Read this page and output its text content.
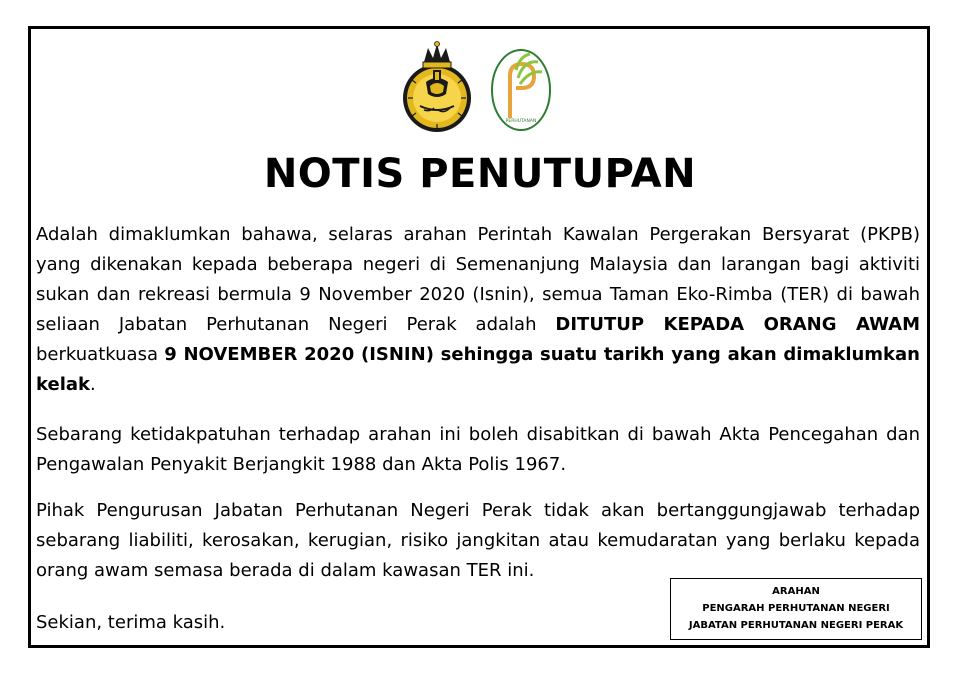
PERHUTANAN
NOTIS PENUTUPAN

Adalah dimaklumkan bahawa, selaras arahan Perintah Kawalan Pergerakan Bersyarat (PKPB) yang dikenakan kepada beberapa negeri di Semenanjung Malaysia dan larangan bagi aktiviti sukan dan rekreasi bermula 9 November 2020 (Isnin), semua Taman Eko-Rimba (TER) di bawah seliaan Jabatan Perhutanan Negeri Perak adalah DITUTUP KEPADA ORANG AWAM berkuatkuasa 9 NOVEMBER 2020 (ISNIN) sehingga suatu tarikh yang akan dimaklumkan kelak.

Sebarang ketidakpatuhan terhadap arahan ini boleh disabitkan di bawah Akta Pencegahan dan Pengawalan Penyakit Berjangkit 1988 dan Akta Polis 1967.

Pihak Pengurusan Jabatan Perhutanan Negeri Perak tidak akan bertanggungjawab terhadap sebarang liabiliti, kerosakan, kerugian, risiko jangkitan atau kemudaratan yang berlaku kepada orang awam semasa berada di dalam kawasan TER ini.

Sekian, terima kasih.

ARAHAN
PENGARAH PERHUTANAN NEGERI
JABATAN PERHUTANAN NEGERI PERAK
